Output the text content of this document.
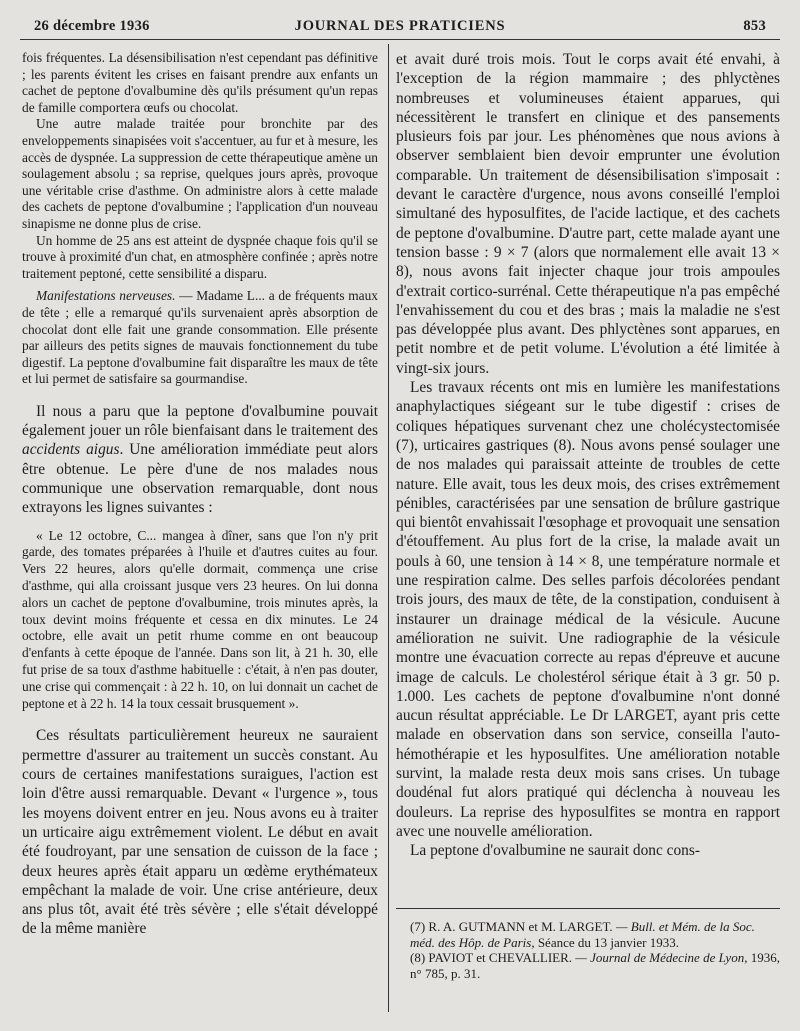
26 décembre 1936	JOURNAL DES PRATICIENS	853

fois fréquentes. La désensibilisation n'est cependant pas définitive ; les parents évitent les crises en faisant prendre aux enfants un cachet de peptone d'ovalbumine dès qu'ils présument qu'un repas de famille comportera œufs ou chocolat.

Une autre malade traitée pour bronchite par des enveloppements sinapisées voit s'accentuer, au fur et à mesure, les accès de dyspnée. La suppression de cette thérapeutique amène un soulagement absolu ; sa reprise, quelques jours après, provoque une véritable crise d'asthme. On administre alors à cette malade des cachets de peptone d'ovalbumine ; l'application d'un nouveau sinapisme ne donne plus de crise.

Un homme de 25 ans est atteint de dyspnée chaque fois qu'il se trouve à proximité d'un chat, en atmosphère confinée ; après notre traitement peptoné, cette sensibilité a disparu.

Manifestations nerveuses. — Madame L... a de fréquents maux de tête ; elle a remarqué qu'ils survenaient après absorption de chocolat dont elle fait une grande consommation. Elle présente par ailleurs des petits signes de mauvais fonctionnement du tube digestif. La peptone d'ovalbumine fait disparaître les maux de tête et lui permet de satisfaire sa gourmandise.

Il nous a paru que la peptone d'ovalbumine pouvait également jouer un rôle bienfaisant dans le traitement des accidents aigus. Une amélioration immédiate peut alors être obtenue. Le père d'une de nos malades nous communique une observation remarquable, dont nous extrayons les lignes suivantes :

« Le 12 octobre, C... mangea à dîner, sans que l'on n'y prit garde, des tomates préparées à l'huile et d'autres cuites au four. Vers 22 heures, alors qu'elle dormait, commença une crise d'asthme, qui alla croissant jusque vers 23 heures. On lui donna alors un cachet de peptone d'ovalbumine, trois minutes après, la toux devint moins fréquente et cessa en dix minutes. Le 24 octobre, elle avait un petit rhume comme en ont beaucoup d'enfants à cette époque de l'année. Dans son lit, à 21 h. 30, elle fut prise de sa toux d'asthme habituelle : c'était, à n'en pas douter, une crise qui commençait : à 22 h. 10, on lui donnait un cachet de peptone et à 22 h. 14 la toux cessait brusquement ».

Ces résultats particulièrement heureux ne sauraient permettre d'assurer au traitement un succès constant. Au cours de certaines manifestations suraigues, l'action est loin d'être aussi remarquable. Devant « l'urgence », tous les moyens doivent entrer en jeu. Nous avons eu à traiter un urticaire aigu extrêmement violent. Le début en avait été foudroyant, par une sensation de cuisson de la face ; deux heures après était apparu un œdème erythémateux empêchant la malade de voir. Une crise antérieure, deux ans plus tôt, avait été très sévère ; elle s'était développé de la même manière

et avait duré trois mois. Tout le corps avait été envahi, à l'exception de la région mammaire ; des phlyctènes nombreuses et volumineuses étaient apparues, qui nécessitèrent le transfert en clinique et des pansements plusieurs fois par jour. Les phénomènes que nous avions à observer semblaient bien devoir emprunter une évolution comparable. Un traitement de désensibilisation s'imposait : devant le caractère d'urgence, nous avons conseillé l'emploi simultané des hyposulfites, de l'acide lactique, et des cachets de peptone d'ovalbumine. D'autre part, cette malade ayant une tension basse : 9 × 7 (alors que normalement elle avait 13 × 8), nous avons fait injecter chaque jour trois ampoules d'extrait cortico-surrénal. Cette thérapeutique n'a pas empêché l'envahissement du cou et des bras ; mais la maladie ne s'est pas développée plus avant. Des phlyctènes sont apparues, en petit nombre et de petit volume. L'évolution a été limitée à vingt-six jours.

Les travaux récents ont mis en lumière les manifestations anaphylactiques siégeant sur le tube digestif : crises de coliques hépatiques survenant chez une cholécystectomisée (7), urticaires gastriques (8). Nous avons pensé soulager une de nos malades qui paraissait atteinte de troubles de cette nature. Elle avait, tous les deux mois, des crises extrêmement pénibles, caractérisées par une sensation de brûlure gastrique qui bientôt envahissait l'œsophage et provoquait une sensation d'étouffement. Au plus fort de la crise, la malade avait un pouls à 60, une tension à 14 × 8, une température normale et une respiration calme. Des selles parfois décolorées pendant trois jours, des maux de tête, de la constipation, conduisent à instaurer un drainage médical de la vésicule. Aucune amélioration ne suivit. Une radiographie de la vésicule montre une évacuation correcte au repas d'épreuve et aucune image de calculs. Le cholestérol sérique était à 3 gr. 50 p. 1.000. Les cachets de peptone d'ovalbumine n'ont donné aucun résultat appréciable. Le Dr LARGET, ayant pris cette malade en observation dans son service, conseilla l'auto-hémothérapie et les hyposulfites. Une amélioration notable survint, la malade resta deux mois sans crises. Un tubage doudénal fut alors pratiqué qui déclencha à nouveau les douleurs. La reprise des hyposulfites se montra en rapport avec une nouvelle amélioration.

La peptone d'ovalbumine ne saurait donc cons-

(7) R. A. GUTMANN et M. LARGET. — Bull. et Mém. de la Soc. méd. des Hôp. de Paris, Séance du 13 janvier 1933.

(8) PAVIOT et CHEVALLIER. — Journal de Médecine de Lyon, 1936, n° 785, p. 31.
